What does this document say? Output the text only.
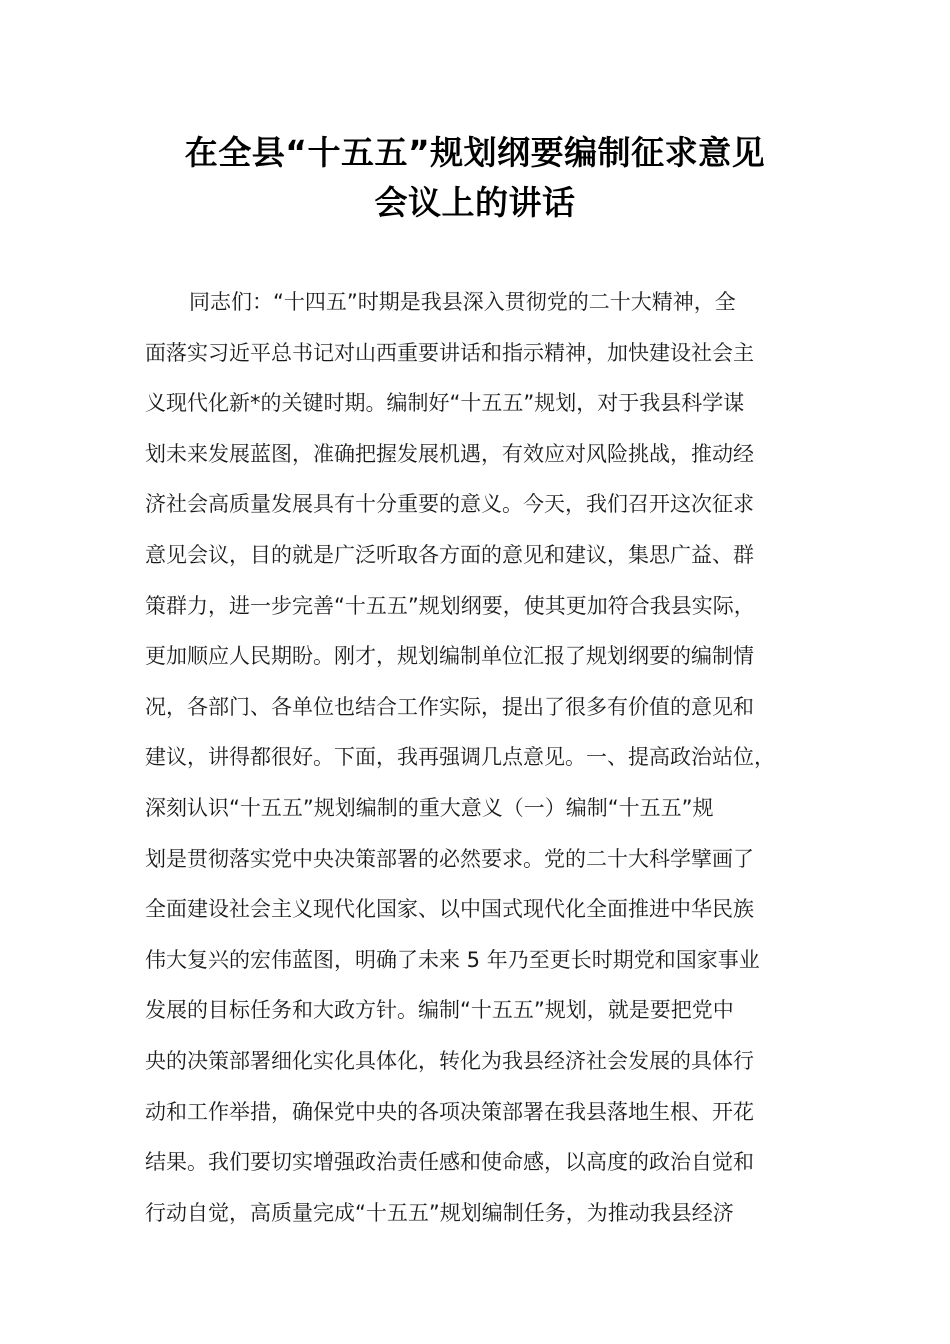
在全县“十五五”规划纲要编制征求意见
会议上的讲话
同志们：“十四五”时期是我县深入贯彻党的二十大精神，全
面落实习近平总书记对山西重要讲话和指示精神，加快建设社会主
义现代化新*的关键时期。编制好“十五五”规划，对于我县科学谋
划未来发展蓝图，准确把握发展机遇，有效应对风险挑战，推动经
济社会高质量发展具有十分重要的意义。今天，我们召开这次征求
意见会议，目的就是广泛听取各方面的意见和建议，集思广益、群
策群力，进一步完善“十五五”规划纲要，使其更加符合我县实际，
更加顺应人民期盼。刚才，规划编制单位汇报了规划纲要的编制情
况，各部门、各单位也结合工作实际，提出了很多有价值的意见和
建议，讲得都很好。下面，我再强调几点意见。一、提高政治站位，
深刻认识“十五五”规划编制的重大意义（一）编制“十五五”规
划是贯彻落实党中央决策部署的必然要求。党的二十大科学擘画了
全面建设社会主义现代化国家、以中国式现代化全面推进中华民族
伟大复兴的宏伟蓝图，明确了未来 5 年乃至更长时期党和国家事业
发展的目标任务和大政方针。编制“十五五”规划，就是要把党中
央的决策部署细化实化具体化，转化为我县经济社会发展的具体行
动和工作举措，确保党中央的各项决策部署在我县落地生根、开花
结果。我们要切实增强政治责任感和使命感，以高度的政治自觉和
行动自觉，高质量完成“十五五”规划编制任务，为推动我县经济
